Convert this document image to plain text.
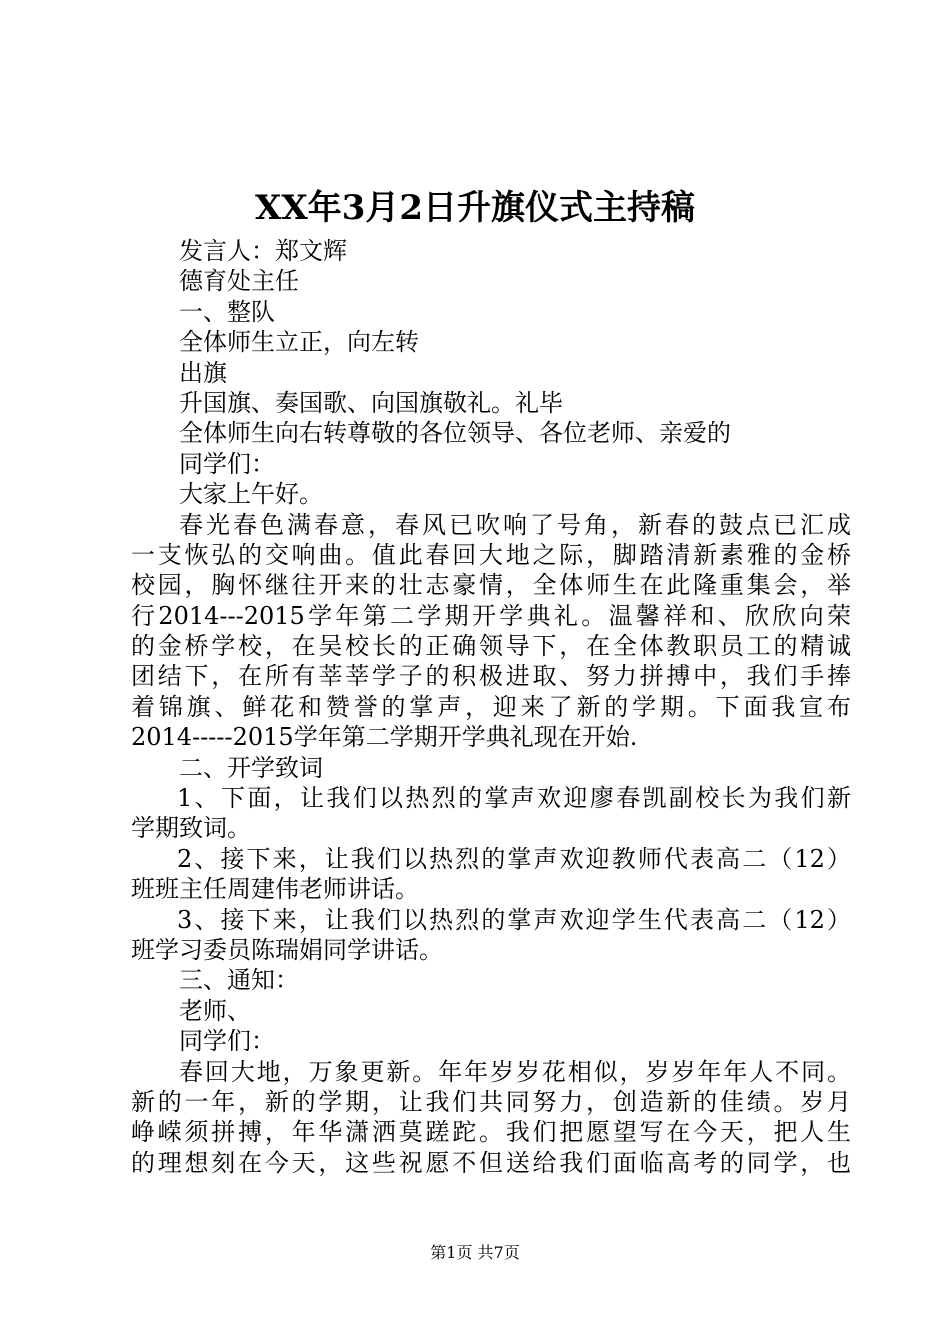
XX年3月2日升旗仪式主持稿
发言人：郑文辉
德育处主任
一、整队
全体师生立正，向左转
出旗
升国旗、奏国歌、向国旗敬礼。礼毕
全体师生向右转尊敬的各位领导、各位老师、亲爱的
同学们：
大家上午好。
春光春色满春意，春风已吹响了号角，新春的鼓点已汇成
一支恢弘的交响曲。值此春回大地之际，脚踏清新素雅的金桥
校园，胸怀继往开来的壮志豪情，全体师生在此隆重集会，举
行2014---2015学年第二学期开学典礼。温馨祥和、欣欣向荣
的金桥学校，在吴校长的正确领导下，在全体教职员工的精诚
团结下，在所有莘莘学子的积极进取、努力拼搏中，我们手捧
着锦旗、鲜花和赞誉的掌声，迎来了新的学期。下面我宣布
2014-----2015学年第二学期开学典礼现在开始.
二、开学致词
1、下面，让我们以热烈的掌声欢迎廖春凯副校长为我们新
学期致词。
2、接下来，让我们以热烈的掌声欢迎教师代表高二（12）
班班主任周建伟老师讲话。
3、接下来，让我们以热烈的掌声欢迎学生代表高二（12）
班学习委员陈瑞娟同学讲话。
三、通知：
老师、
同学们：
春回大地，万象更新。年年岁岁花相似，岁岁年年人不同。
新的一年，新的学期，让我们共同努力，创造新的佳绩。岁月
峥嵘须拼搏，年华潇洒莫蹉跎。我们把愿望写在今天，把人生
的理想刻在今天，这些祝愿不但送给我们面临高考的同学，也
第1页 共7页
